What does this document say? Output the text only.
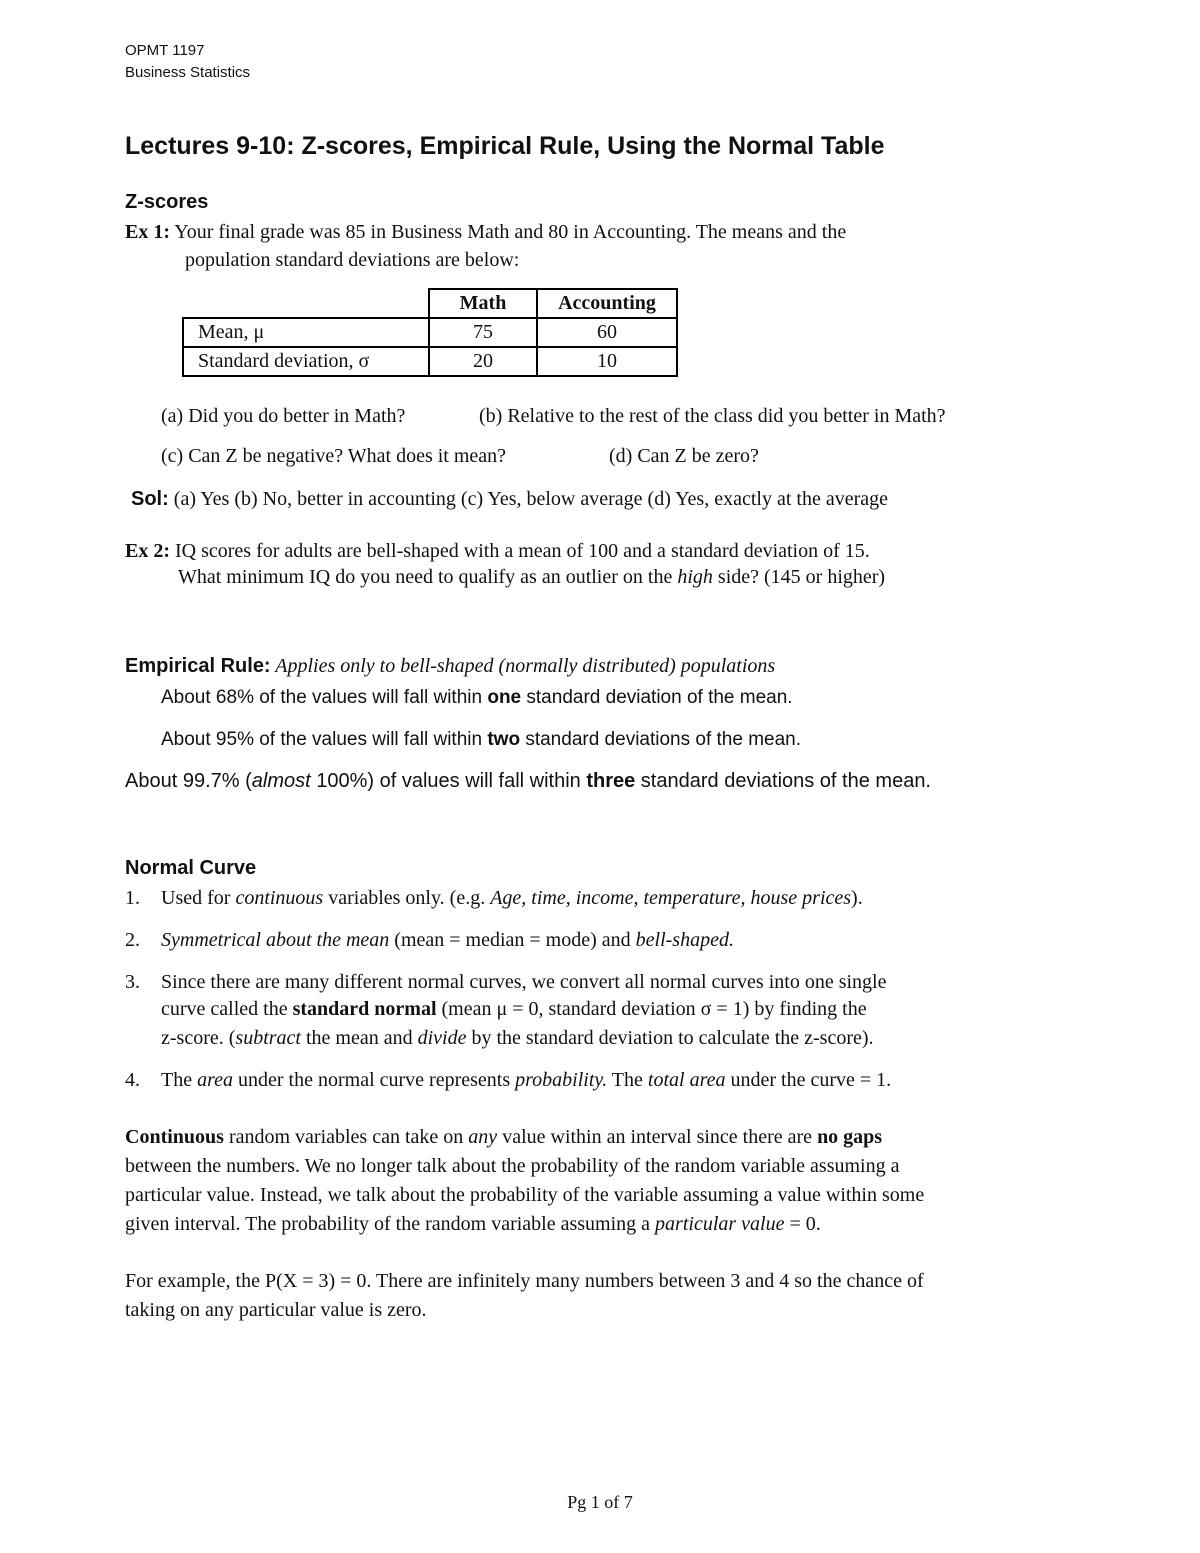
OPMT 1197
Business Statistics
Lectures 9-10: Z-scores, Empirical Rule, Using the Normal Table
Z-scores
Ex 1: Your final grade was 85 in Business Math and 80 in Accounting. The means and the
population standard deviations are below:
	Math	Accounting
Mean, μ	75	60
Standard deviation, σ	20	10
(a) Did you do better in Math?	(b) Relative to the rest of the class did you better in Math?
(c) Can Z be negative? What does it mean?	(d) Can Z be zero?
Sol: (a) Yes (b) No, better in accounting (c) Yes, below average (d) Yes, exactly at the average
Ex 2: IQ scores for adults are bell-shaped with a mean of 100 and a standard deviation of 15.
What minimum IQ do you need to qualify as an outlier on the high side? (145 or higher)
Empirical Rule: Applies only to bell-shaped (normally distributed) populations
About 68% of the values will fall within one standard deviation of the mean.
About 95% of the values will fall within two standard deviations of the mean.
About 99.7% (almost 100%) of values will fall within three standard deviations of the mean.
Normal Curve
1. Used for continuous variables only. (e.g. Age, time, income, temperature, house prices).
2. Symmetrical about the mean (mean = median = mode) and bell-shaped.
3. Since there are many different normal curves, we convert all normal curves into one single
curve called the standard normal (mean μ = 0, standard deviation σ = 1) by finding the
z-score. (subtract the mean and divide by the standard deviation to calculate the z-score).
4. The area under the normal curve represents probability. The total area under the curve = 1.
Continuous random variables can take on any value within an interval since there are no gaps
between the numbers. We no longer talk about the probability of the random variable assuming a
particular value. Instead, we talk about the probability of the variable assuming a value within some
given interval. The probability of the random variable assuming a particular value = 0.
For example, the P(X = 3) = 0. There are infinitely many numbers between 3 and 4 so the chance of
taking on any particular value is zero.
Pg 1 of 7
